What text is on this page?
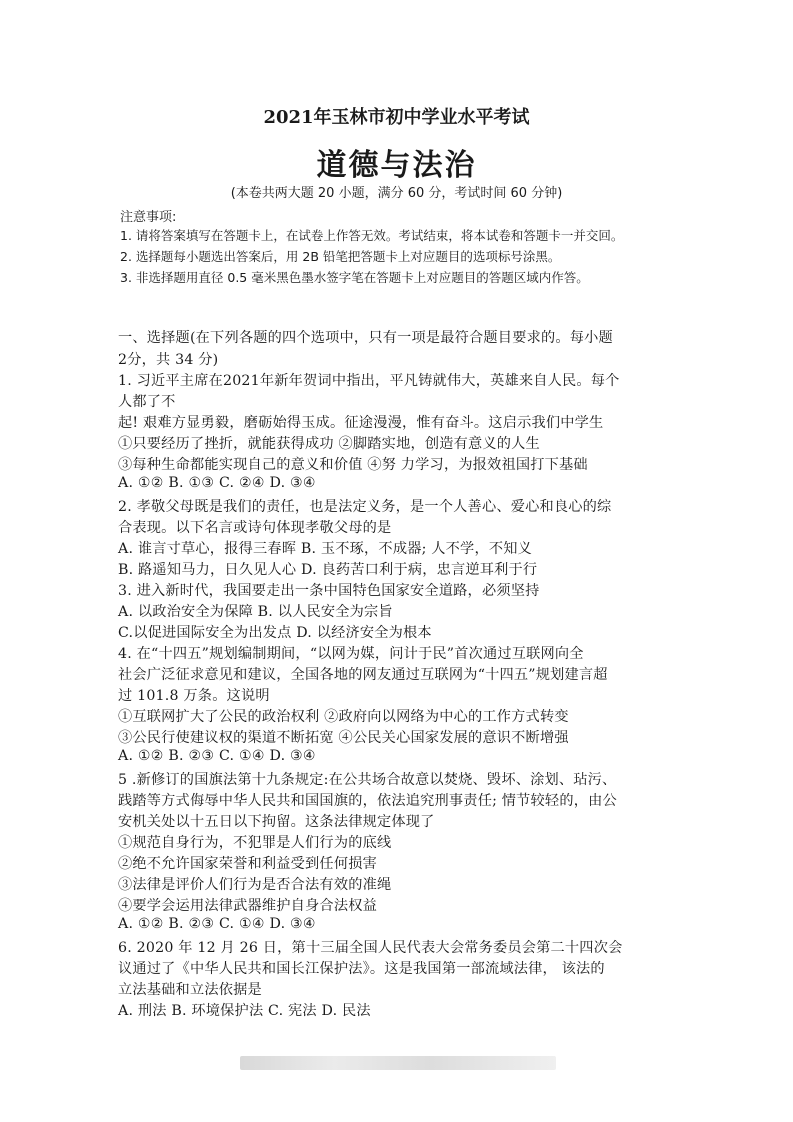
2021年玉林市初中学业水平考试
道德与法治
(本卷共两大题 20 小题，满分 60 分，考试时间 60 分钟)
注意事项:
1. 请将答案填写在答题卡上，在试卷上作答无效。考试结束，将本试卷和答题卡一并交回。
2. 选择题每小题选出答案后，用 2B 铅笔把答题卡上对应题目的选项标号涂黑。
3. 非选择题用直径 0.5 毫米黑色墨水签字笔在答题卡上对应题目的答题区域内作答。
一、选择题(在下列各题的四个选项中，只有一项是最符合题目要求的。每小题
2分，共 34 分)
1. 习近平主席在2021年新年贺词中指出，平凡铸就伟大，英雄来自人民。每个
人都了不
起! 艰难方显勇毅，磨砺始得玉成。征途漫漫，惟有奋斗。这启示我们中学生
①只要经历了挫折，就能获得成功 ②脚踏实地，创造有意义的人生
③每种生命都能实现自己的意义和价值 ④努 力学习，为报效祖国打下基础
A. ①② B. ①③ C. ②④ D. ③④
2. 孝敬父母既是我们的责任，也是法定义务，是一个人善心、爱心和良心的综
合表现。以下名言或诗句体现孝敬父母的是
A. 谁言寸草心，报得三春晖 B. 玉不琢，不成器; 人不学，不知义
B. 路遥知马力，日久见人心 D. 良药苦口利于病，忠言逆耳利于行
3. 进入新时代，我国要走出一条中国特色国家安全道路，必须坚持
A. 以政治安全为保障 B. 以人民安全为宗旨
C.以促进国际安全为出发点 D. 以经济安全为根本
4. 在“十四五”规划编制期间，“以网为媒，问计于民”首次通过互联网向全
社会广泛征求意见和建议，全国各地的网友通过互联网为“十四五”规划建言超
过 101.8 万条。这说明
①互联网扩大了公民的政治权利 ②政府向以网络为中心的工作方式转变
③公民行使建议权的渠道不断拓宽 ④公民关心国家发展的意识不断增强
A. ①② B. ②③ C. ①④ D. ③④
5 .新修订的国旗法第十九条规定:在公共场合故意以焚烧、毁坏、涂划、玷污、
践踏等方式侮辱中华人民共和国国旗的，依法追究刑事责任; 情节较轻的，由公
安机关处以十五日以下拘留。这条法律规定体现了
①规范自身行为，不犯罪是人们行为的底线
②绝不允许国家荣誉和利益受到任何损害
③法律是评价人们行为是否合法有效的准绳
④要学会运用法律武器维护自身合法权益
A. ①② B. ②③ C. ①④ D. ③④
6. 2020 年 12 月 26 日，第十三届全国人民代表大会常务委员会第二十四次会
议通过了《中华人民共和国长江保护法》。这是我国第一部流域法律， 该法的
立法基础和立法依据是
A. 刑法 B. 环境保护法 C. 宪法 D. 民法
